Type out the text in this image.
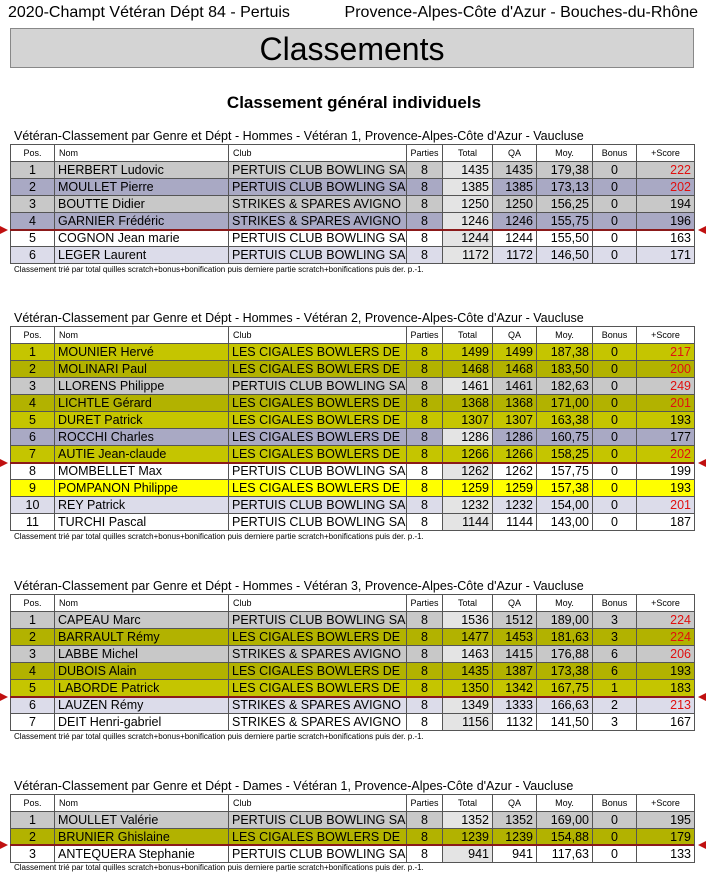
2020-Champt Vétéran Dépt 84 - Pertuis	Provence-Alpes-Côte d'Azur - Bouches-du-Rhône
Classements
Classement général individuels
Vétéran-Classement par Genre et Dépt - Hommes - Vétéran 1, Provence-Alpes-Côte d'Azur - Vaucluse
Pos.	Nom	Club	Parties	Total	QA	Moy.	Bonus	+Score
1	HERBERT Ludovic	PERTUIS CLUB BOWLING SA	8	1435	1435	179,38	0	222
2	MOULLET Pierre	PERTUIS CLUB BOWLING SA	8	1385	1385	173,13	0	202
3	BOUTTE Didier	STRIKES & SPARES AVIGNO	8	1250	1250	156,25	0	194
4	GARNIER Frédéric	STRIKES & SPARES AVIGNO	8	1246	1246	155,75	0	196
5	COGNON Jean marie	PERTUIS CLUB BOWLING SA	8	1244	1244	155,50	0	163
6	LEGER Laurent	PERTUIS CLUB BOWLING SA	8	1172	1172	146,50	0	171
Classement trié par total quilles scratch+bonus+bonification puis derniere partie scratch+bonifications puis der. p.-1.
Vétéran-Classement par Genre et Dépt - Hommes - Vétéran 2, Provence-Alpes-Côte d'Azur - Vaucluse
Pos.	Nom	Club	Parties	Total	QA	Moy.	Bonus	+Score
1	MOUNIER Hervé	LES CIGALES BOWLERS DE	8	1499	1499	187,38	0	217
2	MOLINARI Paul	LES CIGALES BOWLERS DE	8	1468	1468	183,50	0	200
3	LLORENS Philippe	PERTUIS CLUB BOWLING SA	8	1461	1461	182,63	0	249
4	LICHTLE Gérard	LES CIGALES BOWLERS DE	8	1368	1368	171,00	0	201
5	DURET Patrick	LES CIGALES BOWLERS DE	8	1307	1307	163,38	0	193
6	ROCCHI Charles	LES CIGALES BOWLERS DE	8	1286	1286	160,75	0	177
7	AUTIE Jean-claude	LES CIGALES BOWLERS DE	8	1266	1266	158,25	0	202
8	MOMBELLET Max	PERTUIS CLUB BOWLING SA	8	1262	1262	157,75	0	199
9	POMPANON Philippe	LES CIGALES BOWLERS DE	8	1259	1259	157,38	0	193
10	REY Patrick	PERTUIS CLUB BOWLING SA	8	1232	1232	154,00	0	201
11	TURCHI Pascal	PERTUIS CLUB BOWLING SA	8	1144	1144	143,00	0	187
Classement trié par total quilles scratch+bonus+bonification puis derniere partie scratch+bonifications puis der. p.-1.
Vétéran-Classement par Genre et Dépt - Hommes - Vétéran 3, Provence-Alpes-Côte d'Azur - Vaucluse
Pos.	Nom	Club	Parties	Total	QA	Moy.	Bonus	+Score
1	CAPEAU Marc	PERTUIS CLUB BOWLING SA	8	1536	1512	189,00	3	224
2	BARRAULT Rémy	LES CIGALES BOWLERS DE	8	1477	1453	181,63	3	224
3	LABBE Michel	STRIKES & SPARES AVIGNO	8	1463	1415	176,88	6	206
4	DUBOIS Alain	LES CIGALES BOWLERS DE	8	1435	1387	173,38	6	193
5	LABORDE Patrick	LES CIGALES BOWLERS DE	8	1350	1342	167,75	1	183
6	LAUZEN Rémy	STRIKES & SPARES AVIGNO	8	1349	1333	166,63	2	213
7	DEIT Henri-gabriel	STRIKES & SPARES AVIGNO	8	1156	1132	141,50	3	167
Classement trié par total quilles scratch+bonus+bonification puis derniere partie scratch+bonifications puis der. p.-1.
Vétéran-Classement par Genre et Dépt - Dames - Vétéran 1, Provence-Alpes-Côte d'Azur - Vaucluse
Pos.	Nom	Club	Parties	Total	QA	Moy.	Bonus	+Score
1	MOULLET Valérie	PERTUIS CLUB BOWLING SA	8	1352	1352	169,00	0	195
2	BRUNIER Ghislaine	LES CIGALES BOWLERS DE	8	1239	1239	154,88	0	179
3	ANTEQUERA Stephanie	PERTUIS CLUB BOWLING SA	8	941	941	117,63	0	133
Classement trié par total quilles scratch+bonus+bonification puis derniere partie scratch+bonifications puis der. p.-1.
